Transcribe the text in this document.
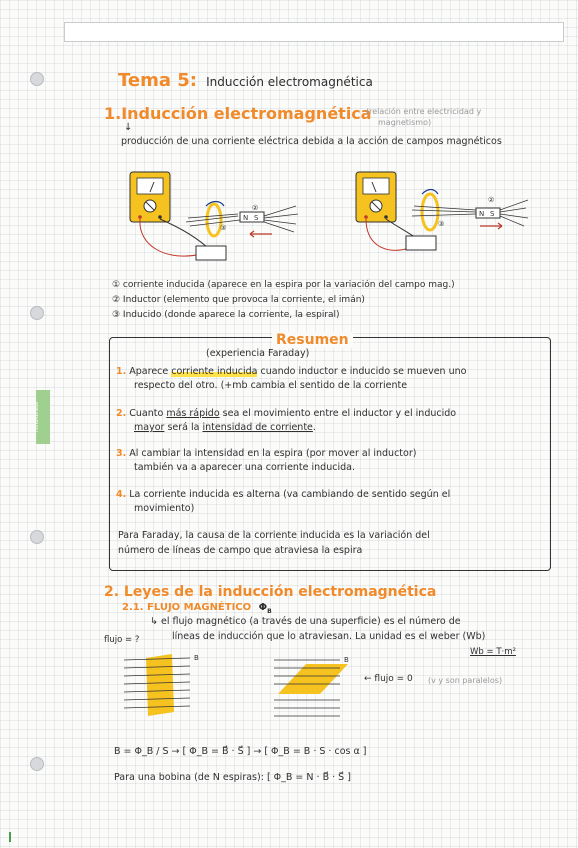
mindfulness
Tema 5: Inducción electromagnética
1.Inducción electromagnética
(relación entre electricidad y
magnetismo)
↓
producción de una corriente eléctrica debida a la acción de campos magnéticos
N S
②
③
N S
②
③
① corriente inducida (aparece en la espira por la variación del campo mag.)
② Inductor (elemento que provoca la corriente, el imán)
③ Inducido (donde aparece la corriente, la espiral)
Resumen
(experiencia Faraday)
1. Aparece corriente inducida cuando inductor e inducido se mueven uno
respecto del otro. (+mb cambia el sentido de la corriente
2. Cuanto más rápido sea el movimiento entre el inductor y el inducido
mayor será la intensidad de corriente.
3. Al cambiar la intensidad en la espira (por mover al inductor)
también va a aparecer una corriente inducida.
4. La corriente inducida es alterna (va cambiando de sentido según el
movimiento)
Para Faraday, la causa de la corriente inducida es la variación del
número de líneas de campo que atraviesa la espira
2. Leyes de la inducción electromagnética
2.1. FLUJO MAGNÉTICO $\Phi_B$
↳ el flujo magnético (a través de una superficie) es el número de
líneas de inducción que lo atraviesan. La unidad es el weber (Wb)
flujo = ?
Wb = T·m²
B	B
← flujo = 0 (v y son paralelos)
B = Φ_B / S → [ Φ_B = B⃗ · S⃗ ] → [ Φ_B = B · S · cos α ]
Para una bobina (de N espiras): [ Φ_B = N · B⃗ · S⃗ ]
